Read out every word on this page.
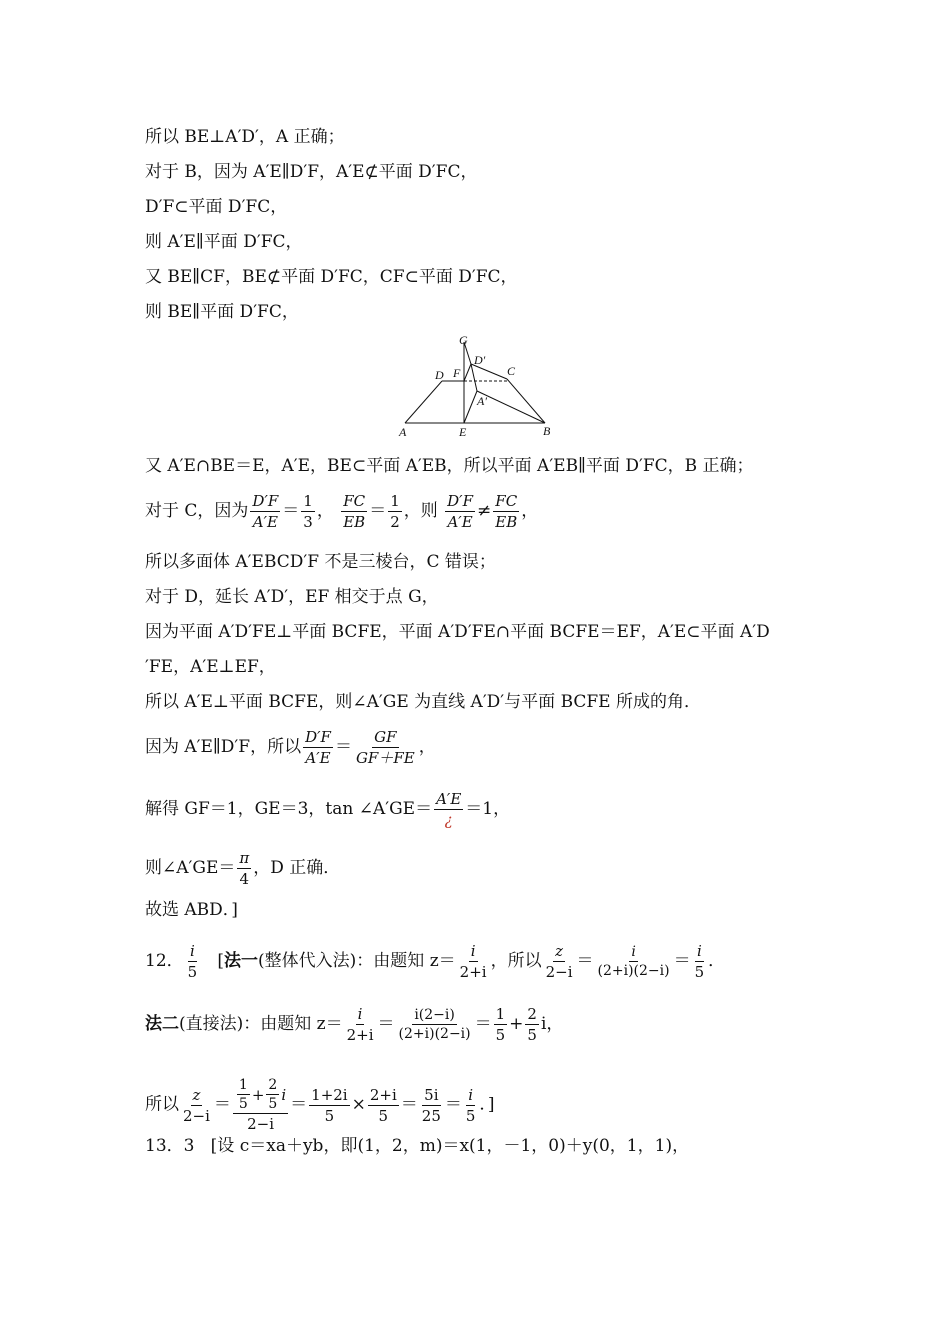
所以 BE⊥A′D′，A 正确；
对于 B，因为 A′E∥D′F，A′E⊄平面 D′FC，
D′F⊂平面 D′FC，
则 A′E∥平面 D′FC，
又 BE∥CF，BE⊄平面 D′FC，CF⊂平面 D′FC，
则 BE∥平面 D′FC，
G
D′
C
D F
A′
A	E	B
又 A′E∩BE＝E，A′E，BE⊂平面 A′EB，所以平面 A′EB∥平面 D′FC，B 正确；
对于 C，因为 $\frac{D'F}{A'E} = \frac{1}{3}$ ， $\frac{FC}{EB} = \frac{1}{2}$ ，则 $\frac{D'F}{A'E} \ne \frac{FC}{EB}$ ，
所以多面体 A′EBCD′F 不是三棱台，C 错误；
对于 D，延长 A′D′，EF 相交于点 G，
因为平面 A′D′FE⊥平面 BCFE，平面 A′D′FE∩平面 BCFE＝EF，A′E⊂平面 A′D
′FE，A′E⊥EF，
所以 A′E⊥平面 BCFE，则∠A′GE 为直线 A′D′与平面 BCFE 所成的角．
因为 A′E∥D′F，所以 $\frac{D'F}{A'E} = \frac{GF}{GF+FE}$ ，
解得 GF＝1，GE＝3，tan ∠A′GE＝ $\frac{A'E}{¿} =1$，
则∠A′GE＝ $\frac{\pi}{4}$ ，D 正确．
故选 ABD．]
12． $\frac{i}{5}$ [法一(整体代入法)：由题知 $z= \frac{i}{2+i}$ ，所以 $\frac{z}{2-i} = \frac{i}{(2+i)(2-i)} = \frac{i}{5}$ ．
法二(直接法)：由题知 $z= \frac{i}{2+i} = \frac{i(2-i)}{(2+i)(2-i)} = \frac{1}{5} + \frac{2}{5}$ i，
所以 $\frac{z}{2-i} = \frac{\frac{1}{5} + \frac{2}{5} i}{2-i} = \frac{1+2i}{5} \times \frac{2+i}{5} = \frac{5i}{25} = \frac{i}{5}$ ．]
13．3 [设 c＝xa＋yb，即(1，2，m)＝x(1，－1，0)＋y(0，1，1)，
